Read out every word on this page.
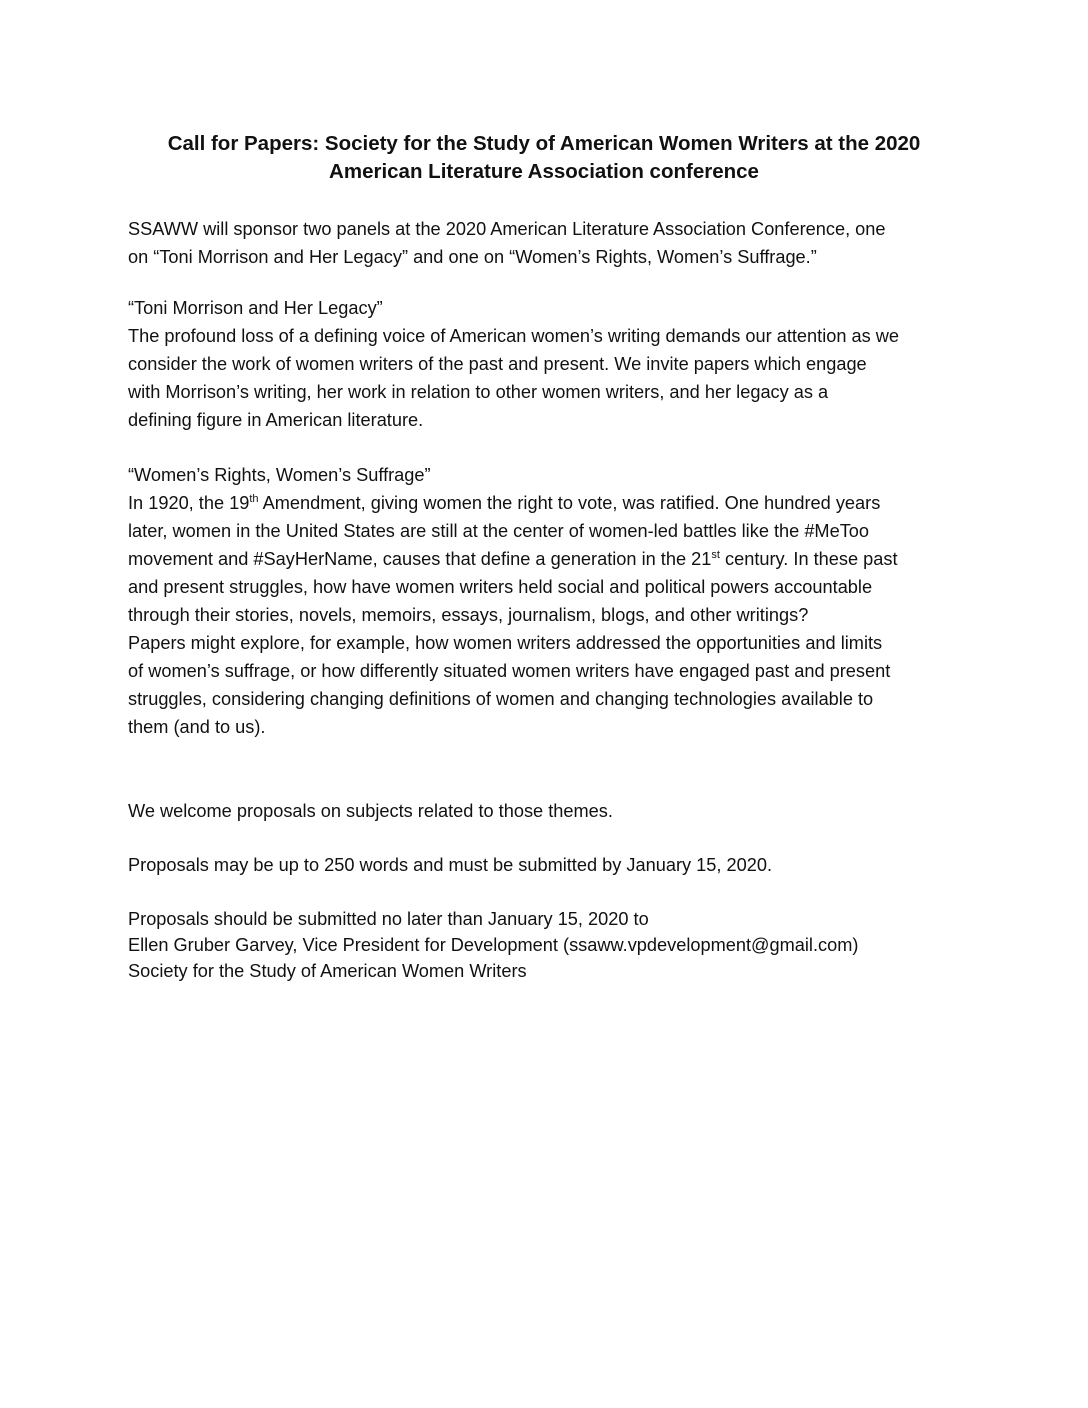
Call for Papers: Society for the Study of American Women Writers at the 2020
American Literature Association conference
SSAWW will sponsor two panels at the 2020 American Literature Association Conference, one
on “Toni Morrison and Her Legacy” and one on “Women’s Rights, Women’s Suffrage.”
“Toni Morrison and Her Legacy”
The profound loss of a defining voice of American women’s writing demands our attention as we
consider the work of women writers of the past and present. We invite papers which engage
with Morrison’s writing, her work in relation to other women writers, and her legacy as a
defining figure in American literature.
“Women’s Rights, Women’s Suffrage”
In 1920, the 19th Amendment, giving women the right to vote, was ratified. One hundred years
later, women in the United States are still at the center of women-led battles like the #MeToo
movement and #SayHerName, causes that define a generation in the 21st century. In these past
and present struggles, how have women writers held social and political powers accountable
through their stories, novels, memoirs, essays, journalism, blogs, and other writings?
Papers might explore, for example, how women writers addressed the opportunities and limits
of women’s suffrage, or how differently situated women writers have engaged past and present
struggles, considering changing definitions of women and changing technologies available to
them (and to us).
We welcome proposals on subjects related to those themes.
Proposals may be up to 250 words and must be submitted by January 15, 2020.
Proposals should be submitted no later than January 15, 2020 to
Ellen Gruber Garvey, Vice President for Development (ssaww.vpdevelopment@gmail.com)
Society for the Study of American Women Writers
